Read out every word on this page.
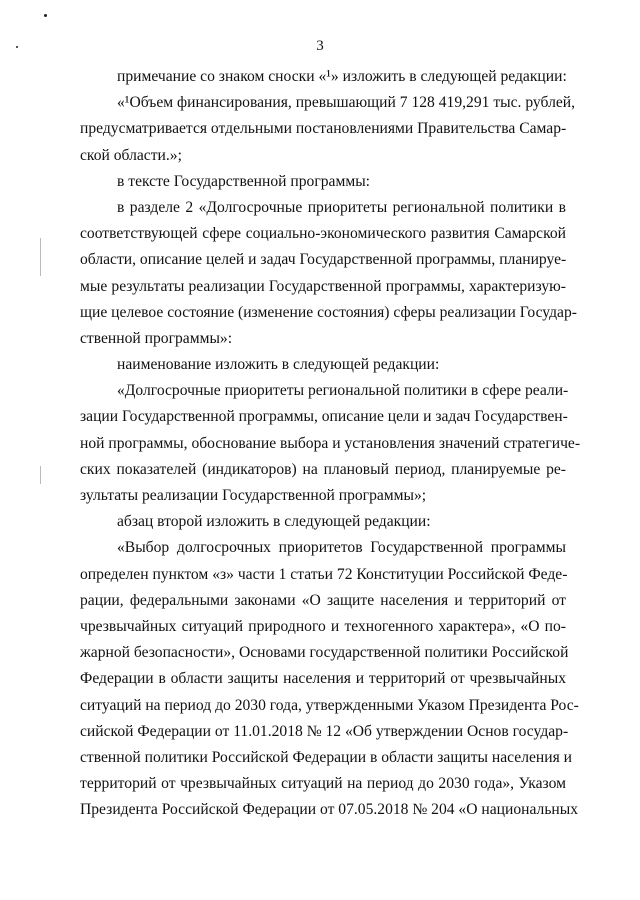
3
примечание со знаком сноски «¹» изложить в следующей редакции:
«¹Объем финансирования, превышающий 7 128 419,291 тыс. рублей,
предусматривается отдельными постановлениями Правительства Самар-
ской области.»;
в тексте Государственной программы:
в разделе 2 «Долгосрочные приоритеты региональной политики в
соответствующей сфере социально-экономического развития Самарской
области, описание целей и задач Государственной программы, планируе-
мые результаты реализации Государственной программы, характеризую-
щие целевое состояние (изменение состояния) сферы реализации Государ-
ственной программы»:
наименование изложить в следующей редакции:
«Долгосрочные приоритеты региональной политики в сфере реали-
зации Государственной программы, описание цели и задач Государствен-
ной программы, обоснование выбора и установления значений стратегиче-
ских показателей (индикаторов) на плановый период, планируемые ре-
зультаты реализации Государственной программы»;
абзац второй изложить в следующей редакции:
«Выбор долгосрочных приоритетов Государственной программы
определен пунктом «з» части 1 статьи 72 Конституции Российской Феде-
рации, федеральными законами «О защите населения и территорий от
чрезвычайных ситуаций природного и техногенного характера», «О по-
жарной безопасности», Основами государственной политики Российской
Федерации в области защиты населения и территорий от чрезвычайных
ситуаций на период до 2030 года, утвержденными Указом Президента Рос-
сийской Федерации от 11.01.2018 № 12 «Об утверждении Основ государ-
ственной политики Российской Федерации в области защиты населения и
территорий от чрезвычайных ситуаций на период до 2030 года», Указом
Президента Российской Федерации от 07.05.2018 № 204 «О национальных
